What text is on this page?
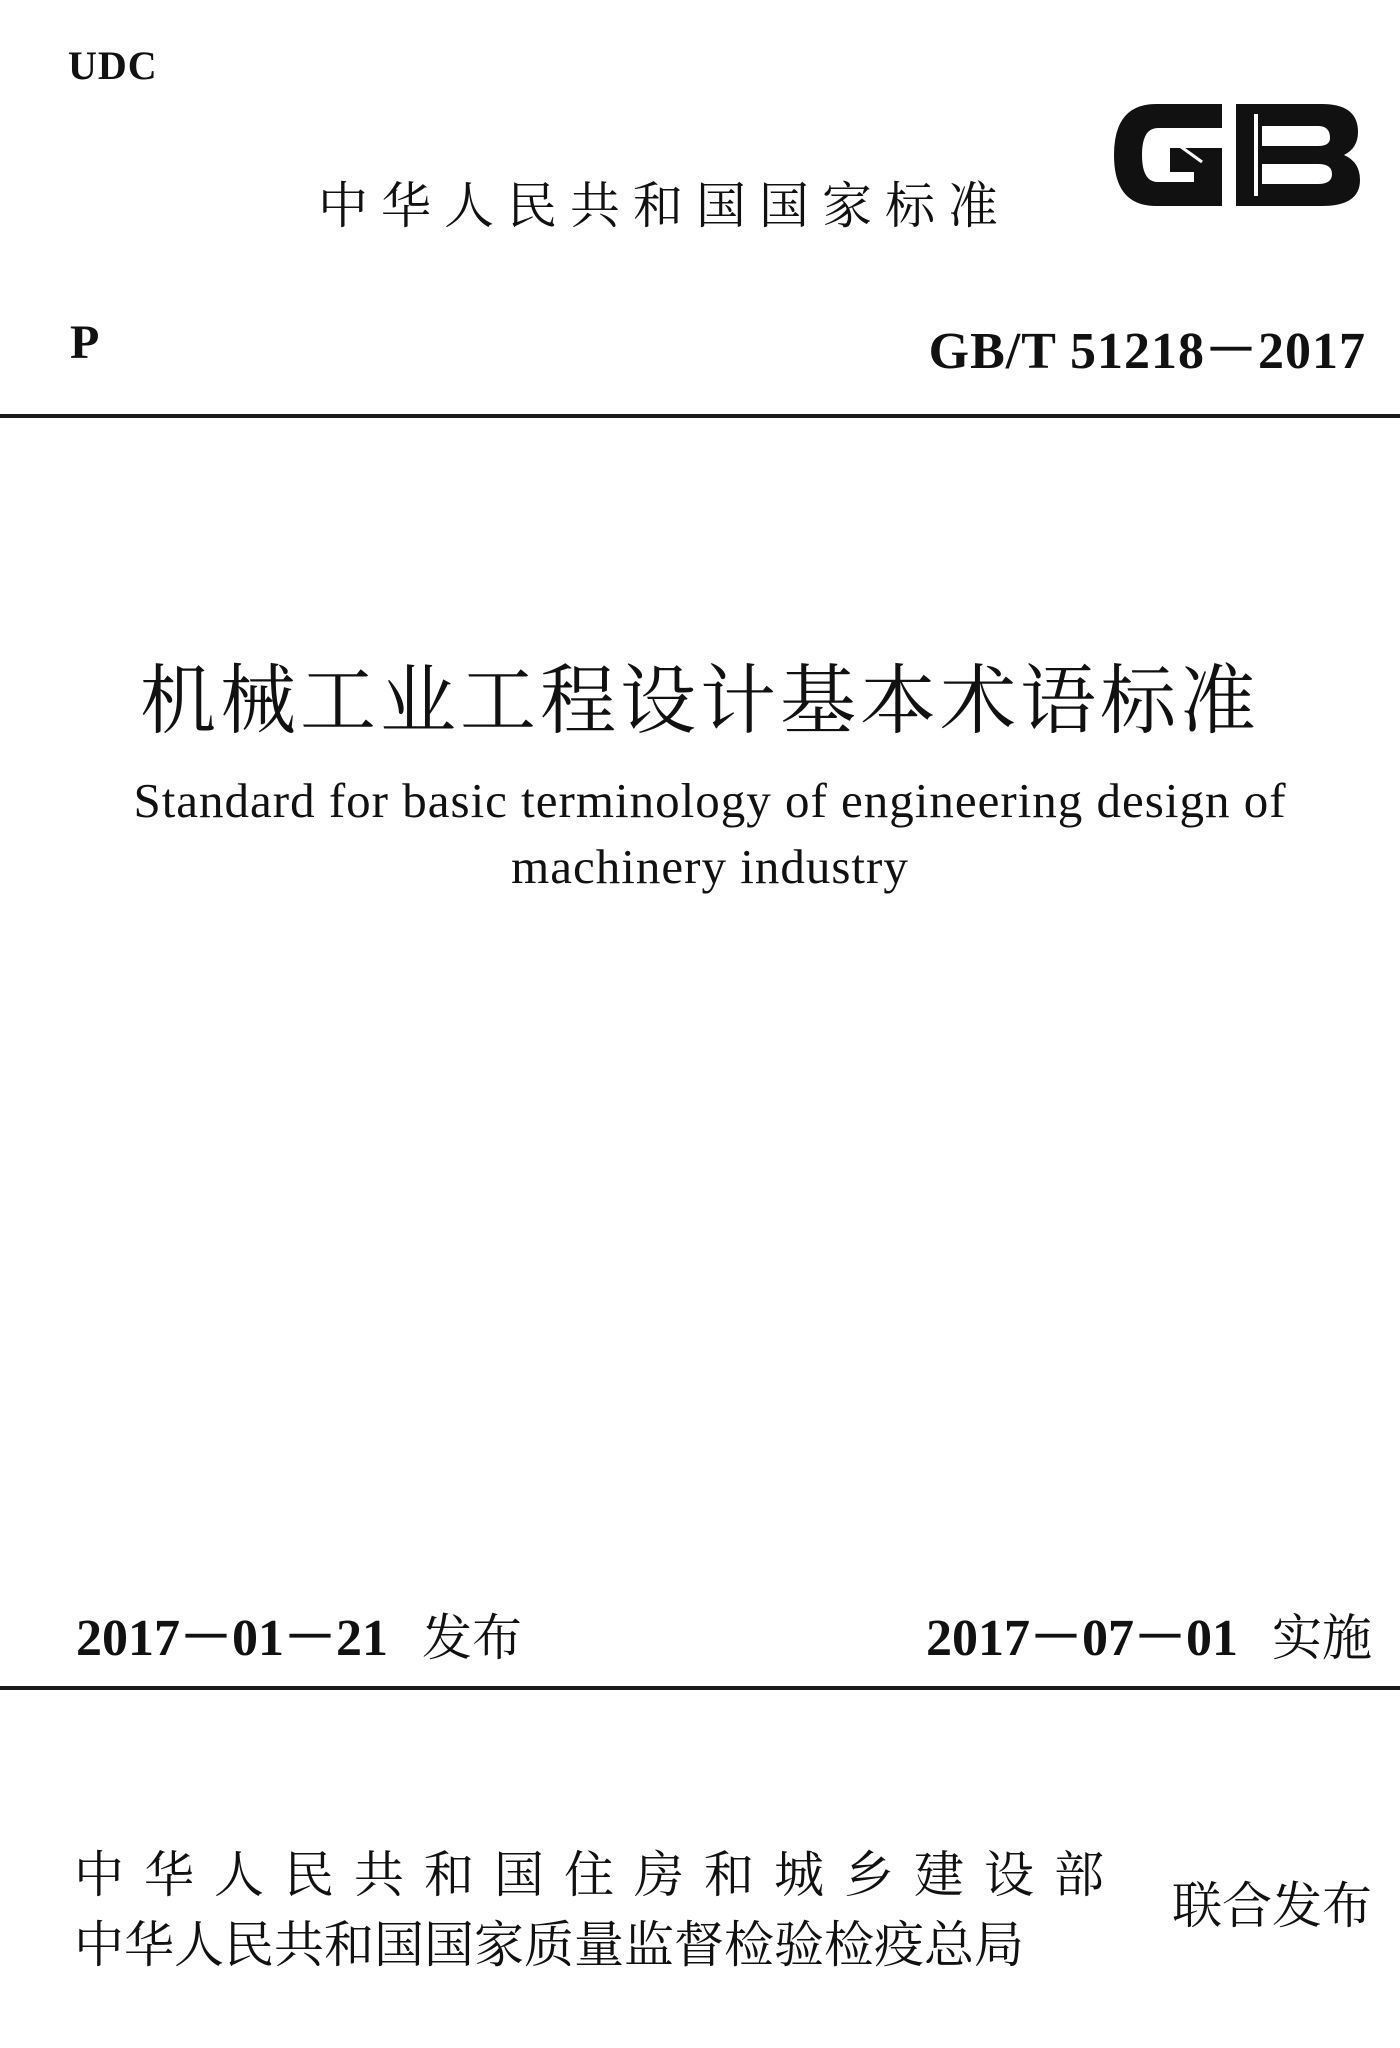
UDC
中华人民共和国国家标准
P	GB/T 51218－2017
机械工业工程设计基本术语标准
Standard for basic terminology of engineering design of
machinery industry
2017－01－21 发布	2017－07－01 实施
中华人民共和国住房和城乡建设部
中华人民共和国国家质量监督检验检疫总局
联合发布
